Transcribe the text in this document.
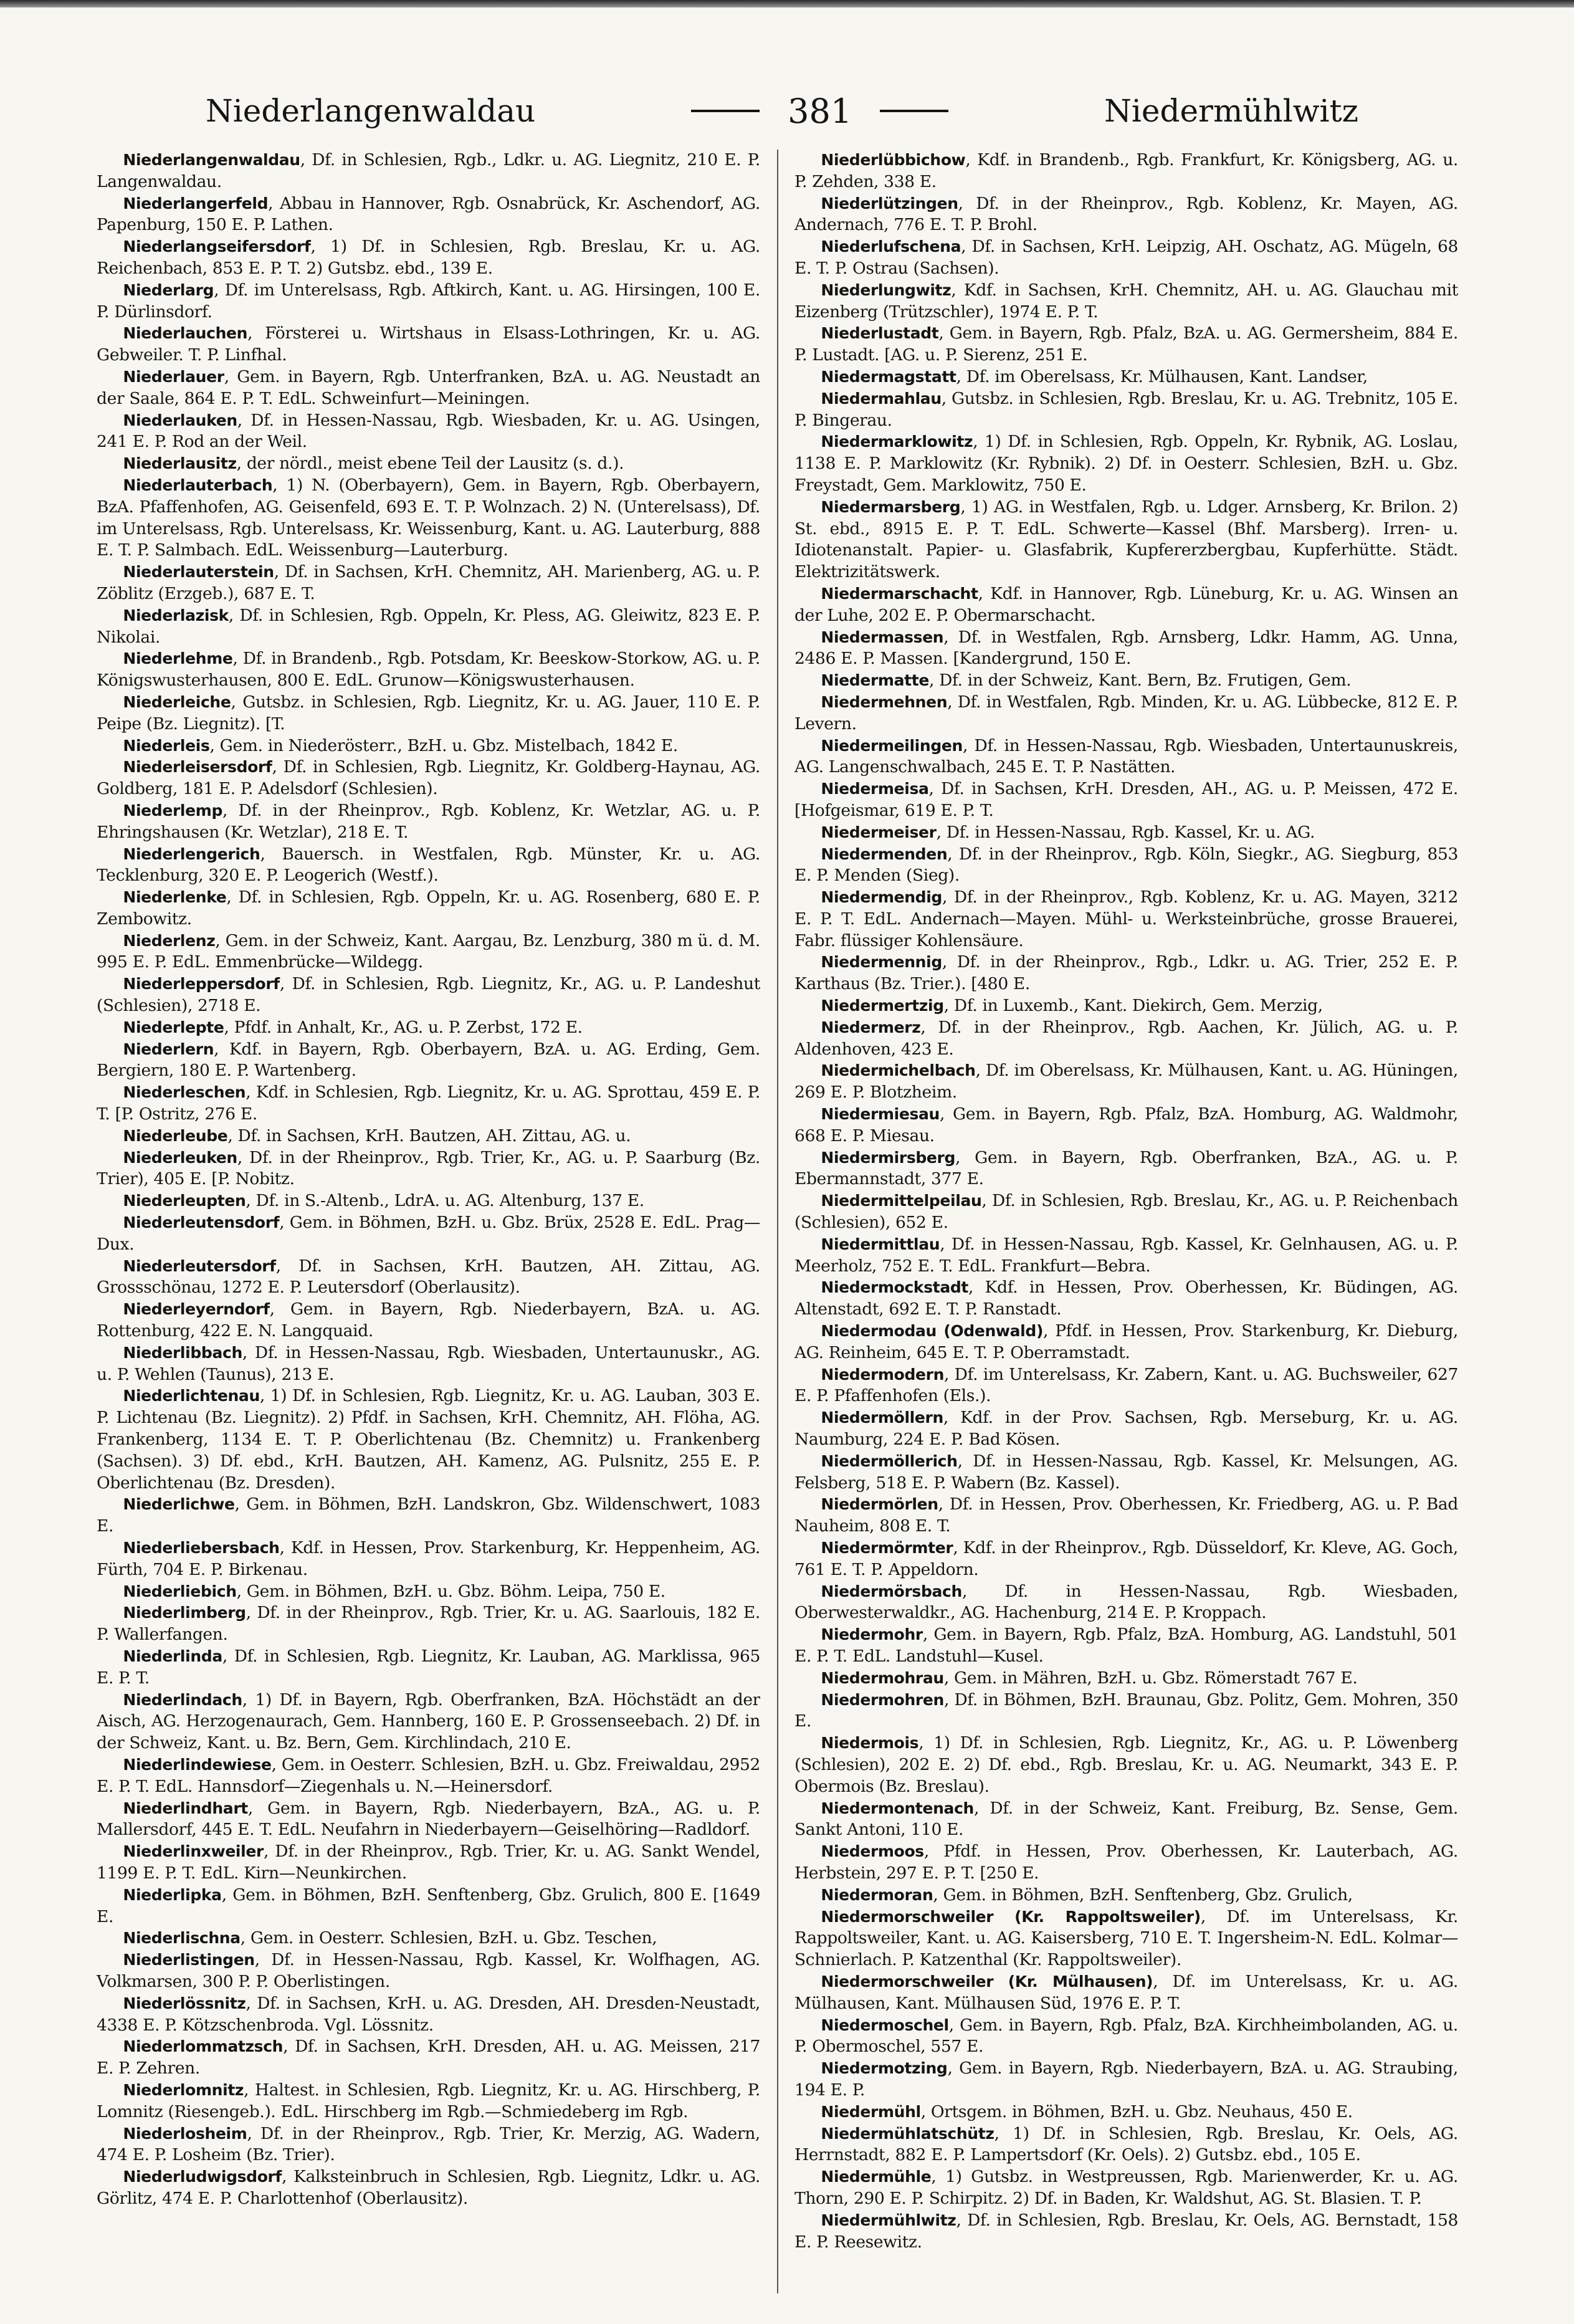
Niederlangenwaldau	381	Niedermühlwitz

Niederlangenwaldau, Df. in Schlesien, Rgb., Ldkr. u. AG. Liegnitz, 210 E. P. Langenwaldau.

Niederlangerfeld, Abbau in Hannover, Rgb. Osnabrück, Kr. Aschendorf, AG. Papenburg, 150 E. P. Lathen.

Niederlangseifersdorf, 1) Df. in Schlesien, Rgb. Breslau, Kr. u. AG. Reichenbach, 853 E. P. T. 2) Gutsbz. ebd., 139 E.

Niederlarg, Df. im Unterelsass, Rgb. Aftkirch, Kant. u. AG. Hirsingen, 100 E. P. Dürlinsdorf.

Niederlauchen, Försterei u. Wirtshaus in Elsass-Lothringen, Kr. u. AG. Gebweiler. T. P. Linfhal.

Niederlauer, Gem. in Bayern, Rgb. Unterfranken, BzA. u. AG. Neustadt an der Saale, 864 E. P. T. EdL. Schweinfurt—Meiningen.

Niederlauken, Df. in Hessen-Nassau, Rgb. Wiesbaden, Kr. u. AG. Usingen, 241 E. P. Rod an der Weil.

Niederlausitz, der nördl., meist ebene Teil der Lausitz (s. d.).

Niederlauterbach, 1) N. (Oberbayern), Gem. in Bayern, Rgb. Oberbayern, BzA. Pfaffenhofen, AG. Geisenfeld, 693 E. T. P. Wolnzach. 2) N. (Unterelsass), Df. im Unterelsass, Rgb. Unterelsass, Kr. Weissenburg, Kant. u. AG. Lauterburg, 888 E. T. P. Salmbach. EdL. Weissenburg—Lauterburg.

Niederlauterstein, Df. in Sachsen, KrH. Chemnitz, AH. Marienberg, AG. u. P. Zöblitz (Erzgeb.), 687 E. T.

Niederlazisk, Df. in Schlesien, Rgb. Oppeln, Kr. Pless, AG. Gleiwitz, 823 E. P. Nikolai.

Niederlehme, Df. in Brandenb., Rgb. Potsdam, Kr. Beeskow-Storkow, AG. u. P. Königswusterhausen, 800 E. EdL. Grunow—Königswusterhausen.

Niederleiche, Gutsbz. in Schlesien, Rgb. Liegnitz, Kr. u. AG. Jauer, 110 E. P. Peipe (Bz. Liegnitz). [T.

Niederleis, Gem. in Niederösterr., BzH. u. Gbz. Mistelbach, 1842 E.

Niederleisersdorf, Df. in Schlesien, Rgb. Liegnitz, Kr. Goldberg-Haynau, AG. Goldberg, 181 E. P. Adelsdorf (Schlesien).

Niederlemp, Df. in der Rheinprov., Rgb. Koblenz, Kr. Wetzlar, AG. u. P. Ehringshausen (Kr. Wetzlar), 218 E. T.

Niederlengerich, Bauersch. in Westfalen, Rgb. Münster, Kr. u. AG. Tecklenburg, 320 E. P. Leogerich (Westf.).

Niederlenke, Df. in Schlesien, Rgb. Oppeln, Kr. u. AG. Rosenberg, 680 E. P. Zembowitz.

Niederlenz, Gem. in der Schweiz, Kant. Aargau, Bz. Lenzburg, 380 m ü. d. M. 995 E. P. EdL. Emmenbrücke—Wildegg.

Niederleppersdorf, Df. in Schlesien, Rgb. Liegnitz, Kr., AG. u. P. Landeshut (Schlesien), 2718 E.

Niederlepte, Pfdf. in Anhalt, Kr., AG. u. P. Zerbst, 172 E.

Niederlern, Kdf. in Bayern, Rgb. Oberbayern, BzA. u. AG. Erding, Gem. Bergiern, 180 E. P. Wartenberg.

Niederleschen, Kdf. in Schlesien, Rgb. Liegnitz, Kr. u. AG. Sprottau, 459 E. P. T. [P. Ostritz, 276 E.

Niederleube, Df. in Sachsen, KrH. Bautzen, AH. Zittau, AG. u.

Niederleuken, Df. in der Rheinprov., Rgb. Trier, Kr., AG. u. P. Saarburg (Bz. Trier), 405 E. [P. Nobitz.

Niederleupten, Df. in S.-Altenb., LdrA. u. AG. Altenburg, 137 E.

Niederleutensdorf, Gem. in Böhmen, BzH. u. Gbz. Brüx, 2528 E. EdL. Prag—Dux.

Niederleutersdorf, Df. in Sachsen, KrH. Bautzen, AH. Zittau, AG. Grossschönau, 1272 E. P. Leutersdorf (Oberlausitz).

Niederleyerndorf, Gem. in Bayern, Rgb. Niederbayern, BzA. u. AG. Rottenburg, 422 E. N. Langquaid.

Niederlibbach, Df. in Hessen-Nassau, Rgb. Wiesbaden, Untertaunuskr., AG. u. P. Wehlen (Taunus), 213 E.

Niederlichtenau, 1) Df. in Schlesien, Rgb. Liegnitz, Kr. u. AG. Lauban, 303 E. P. Lichtenau (Bz. Liegnitz). 2) Pfdf. in Sachsen, KrH. Chemnitz, AH. Flöha, AG. Frankenberg, 1134 E. T. P. Oberlichtenau (Bz. Chemnitz) u. Frankenberg (Sachsen). 3) Df. ebd., KrH. Bautzen, AH. Kamenz, AG. Pulsnitz, 255 E. P. Oberlichtenau (Bz. Dresden).

Niederlichwe, Gem. in Böhmen, BzH. Landskron, Gbz. Wildenschwert, 1083 E.

Niederliebersbach, Kdf. in Hessen, Prov. Starkenburg, Kr. Heppenheim, AG. Fürth, 704 E. P. Birkenau.

Niederliebich, Gem. in Böhmen, BzH. u. Gbz. Böhm. Leipa, 750 E.

Niederlimberg, Df. in der Rheinprov., Rgb. Trier, Kr. u. AG. Saarlouis, 182 E. P. Wallerfangen.

Niederlinda, Df. in Schlesien, Rgb. Liegnitz, Kr. Lauban, AG. Marklissa, 965 E. P. T.

Niederlindach, 1) Df. in Bayern, Rgb. Oberfranken, BzA. Höchstädt an der Aisch, AG. Herzogenaurach, Gem. Hannberg, 160 E. P. Grossenseebach. 2) Df. in der Schweiz, Kant. u. Bz. Bern, Gem. Kirchlindach, 210 E.

Niederlindewiese, Gem. in Oesterr. Schlesien, BzH. u. Gbz. Freiwaldau, 2952 E. P. T. EdL. Hannsdorf—Ziegenhals u. N.—Heinersdorf.

Niederlindhart, Gem. in Bayern, Rgb. Niederbayern, BzA., AG. u. P. Mallersdorf, 445 E. T. EdL. Neufahrn in Niederbayern—Geiselhöring—Radldorf.

Niederlinxweiler, Df. in der Rheinprov., Rgb. Trier, Kr. u. AG. Sankt Wendel, 1199 E. P. T. EdL. Kirn—Neunkirchen.

Niederlipka, Gem. in Böhmen, BzH. Senftenberg, Gbz. Grulich, 800 E. [1649 E.

Niederlischna, Gem. in Oesterr. Schlesien, BzH. u. Gbz. Teschen,

Niederlistingen, Df. in Hessen-Nassau, Rgb. Kassel, Kr. Wolfhagen, AG. Volkmarsen, 300 P. P. Oberlistingen.

Niederlössnitz, Df. in Sachsen, KrH. u. AG. Dresden, AH. Dresden-Neustadt, 4338 E. P. Kötzschenbroda. Vgl. Lössnitz.

Niederlommatzsch, Df. in Sachsen, KrH. Dresden, AH. u. AG. Meissen, 217 E. P. Zehren.

Niederlomnitz, Haltest. in Schlesien, Rgb. Liegnitz, Kr. u. AG. Hirschberg, P. Lomnitz (Riesengeb.). EdL. Hirschberg im Rgb.—Schmiedeberg im Rgb.

Niederlosheim, Df. in der Rheinprov., Rgb. Trier, Kr. Merzig, AG. Wadern, 474 E. P. Losheim (Bz. Trier).

Niederludwigsdorf, Kalksteinbruch in Schlesien, Rgb. Liegnitz, Ldkr. u. AG. Görlitz, 474 E. P. Charlottenhof (Oberlausitz).

Niederlübbichow, Kdf. in Brandenb., Rgb. Frankfurt, Kr. Königsberg, AG. u. P. Zehden, 338 E.

Niederlützingen, Df. in der Rheinprov., Rgb. Koblenz, Kr. Mayen, AG. Andernach, 776 E. T. P. Brohl.

Niederlufschena, Df. in Sachsen, KrH. Leipzig, AH. Oschatz, AG. Mügeln, 68 E. T. P. Ostrau (Sachsen).

Niederlungwitz, Kdf. in Sachsen, KrH. Chemnitz, AH. u. AG. Glauchau mit Eizenberg (Trützschler), 1974 E. P. T.

Niederlustadt, Gem. in Bayern, Rgb. Pfalz, BzA. u. AG. Germersheim, 884 E. P. Lustadt. [AG. u. P. Sierenz, 251 E.

Niedermagstatt, Df. im Oberelsass, Kr. Mülhausen, Kant. Landser,

Niedermahlau, Gutsbz. in Schlesien, Rgb. Breslau, Kr. u. AG. Trebnitz, 105 E. P. Bingerau.

Niedermarklowitz, 1) Df. in Schlesien, Rgb. Oppeln, Kr. Rybnik, AG. Loslau, 1138 E. P. Marklowitz (Kr. Rybnik). 2) Df. in Oesterr. Schlesien, BzH. u. Gbz. Freystadt, Gem. Marklowitz, 750 E.

Niedermarsberg, 1) AG. in Westfalen, Rgb. u. Ldger. Arnsberg, Kr. Brilon. 2) St. ebd., 8915 E. P. T. EdL. Schwerte—Kassel (Bhf. Marsberg). Irren- u. Idiotenanstalt. Papier- u. Glasfabrik, Kupfererzbergbau, Kupferhütte. Städt. Elektrizitätswerk.

Niedermarschacht, Kdf. in Hannover, Rgb. Lüneburg, Kr. u. AG. Winsen an der Luhe, 202 E. P. Obermarschacht.

Niedermassen, Df. in Westfalen, Rgb. Arnsberg, Ldkr. Hamm, AG. Unna, 2486 E. P. Massen. [Kandergrund, 150 E.

Niedermatte, Df. in der Schweiz, Kant. Bern, Bz. Frutigen, Gem.

Niedermehnen, Df. in Westfalen, Rgb. Minden, Kr. u. AG. Lübbecke, 812 E. P. Levern.

Niedermeilingen, Df. in Hessen-Nassau, Rgb. Wiesbaden, Untertaunuskreis, AG. Langenschwalbach, 245 E. T. P. Nastätten.

Niedermeisa, Df. in Sachsen, KrH. Dresden, AH., AG. u. P. Meissen, 472 E. [Hofgeismar, 619 E. P. T.

Niedermeiser, Df. in Hessen-Nassau, Rgb. Kassel, Kr. u. AG.

Niedermenden, Df. in der Rheinprov., Rgb. Köln, Siegkr., AG. Siegburg, 853 E. P. Menden (Sieg).

Niedermendig, Df. in der Rheinprov., Rgb. Koblenz, Kr. u. AG. Mayen, 3212 E. P. T. EdL. Andernach—Mayen. Mühl- u. Werksteinbrüche, grosse Brauerei, Fabr. flüssiger Kohlensäure.

Niedermennig, Df. in der Rheinprov., Rgb., Ldkr. u. AG. Trier, 252 E. P. Karthaus (Bz. Trier.). [480 E.

Niedermertzig, Df. in Luxemb., Kant. Diekirch, Gem. Merzig,

Niedermerz, Df. in der Rheinprov., Rgb. Aachen, Kr. Jülich, AG. u. P. Aldenhoven, 423 E.

Niedermichelbach, Df. im Oberelsass, Kr. Mülhausen, Kant. u. AG. Hüningen, 269 E. P. Blotzheim.

Niedermiesau, Gem. in Bayern, Rgb. Pfalz, BzA. Homburg, AG. Waldmohr, 668 E. P. Miesau.

Niedermirsberg, Gem. in Bayern, Rgb. Oberfranken, BzA., AG. u. P. Ebermannstadt, 377 E.

Niedermittelpeilau, Df. in Schlesien, Rgb. Breslau, Kr., AG. u. P. Reichenbach (Schlesien), 652 E.

Niedermittlau, Df. in Hessen-Nassau, Rgb. Kassel, Kr. Gelnhausen, AG. u. P. Meerholz, 752 E. T. EdL. Frankfurt—Bebra.

Niedermockstadt, Kdf. in Hessen, Prov. Oberhessen, Kr. Büdingen, AG. Altenstadt, 692 E. T. P. Ranstadt.

Niedermodau (Odenwald), Pfdf. in Hessen, Prov. Starkenburg, Kr. Dieburg, AG. Reinheim, 645 E. T. P. Oberramstadt.

Niedermodern, Df. im Unterelsass, Kr. Zabern, Kant. u. AG. Buchsweiler, 627 E. P. Pfaffenhofen (Els.).

Niedermöllern, Kdf. in der Prov. Sachsen, Rgb. Merseburg, Kr. u. AG. Naumburg, 224 E. P. Bad Kösen.

Niedermöllerich, Df. in Hessen-Nassau, Rgb. Kassel, Kr. Melsungen, AG. Felsberg, 518 E. P. Wabern (Bz. Kassel).

Niedermörlen, Df. in Hessen, Prov. Oberhessen, Kr. Friedberg, AG. u. P. Bad Nauheim, 808 E. T.

Niedermörmter, Kdf. in der Rheinprov., Rgb. Düsseldorf, Kr. Kleve, AG. Goch, 761 E. T. P. Appeldorn.

Niedermörsbach, Df. in Hessen-Nassau, Rgb. Wiesbaden, Oberwesterwaldkr., AG. Hachenburg, 214 E. P. Kroppach.

Niedermohr, Gem. in Bayern, Rgb. Pfalz, BzA. Homburg, AG. Landstuhl, 501 E. P. T. EdL. Landstuhl—Kusel.

Niedermohrau, Gem. in Mähren, BzH. u. Gbz. Römerstadt 767 E.

Niedermohren, Df. in Böhmen, BzH. Braunau, Gbz. Politz, Gem. Mohren, 350 E.

Niedermois, 1) Df. in Schlesien, Rgb. Liegnitz, Kr., AG. u. P. Löwenberg (Schlesien), 202 E. 2) Df. ebd., Rgb. Breslau, Kr. u. AG. Neumarkt, 343 E. P. Obermois (Bz. Breslau).

Niedermontenach, Df. in der Schweiz, Kant. Freiburg, Bz. Sense, Gem. Sankt Antoni, 110 E.

Niedermoos, Pfdf. in Hessen, Prov. Oberhessen, Kr. Lauterbach, AG. Herbstein, 297 E. P. T. [250 E.

Niedermoran, Gem. in Böhmen, BzH. Senftenberg, Gbz. Grulich,

Niedermorschweiler (Kr. Rappoltsweiler), Df. im Unterelsass, Kr. Rappoltsweiler, Kant. u. AG. Kaisersberg, 710 E. T. Ingersheim-N. EdL. Kolmar—Schnierlach. P. Katzenthal (Kr. Rappoltsweiler).

Niedermorschweiler (Kr. Mülhausen), Df. im Unterelsass, Kr. u. AG. Mülhausen, Kant. Mülhausen Süd, 1976 E. P. T.

Niedermoschel, Gem. in Bayern, Rgb. Pfalz, BzA. Kirchheimbolanden, AG. u. P. Obermoschel, 557 E.

Niedermotzing, Gem. in Bayern, Rgb. Niederbayern, BzA. u. AG. Straubing, 194 E. P.

Niedermühl, Ortsgem. in Böhmen, BzH. u. Gbz. Neuhaus, 450 E.

Niedermühlatschütz, 1) Df. in Schlesien, Rgb. Breslau, Kr. Oels, AG. Herrnstadt, 882 E. P. Lampertsdorf (Kr. Oels). 2) Gutsbz. ebd., 105 E.

Niedermühle, 1) Gutsbz. in Westpreussen, Rgb. Marienwerder, Kr. u. AG. Thorn, 290 E. P. Schirpitz. 2) Df. in Baden, Kr. Waldshut, AG. St. Blasien. T. P.

Niedermühlwitz, Df. in Schlesien, Rgb. Breslau, Kr. Oels, AG. Bernstadt, 158 E. P. Reesewitz.
